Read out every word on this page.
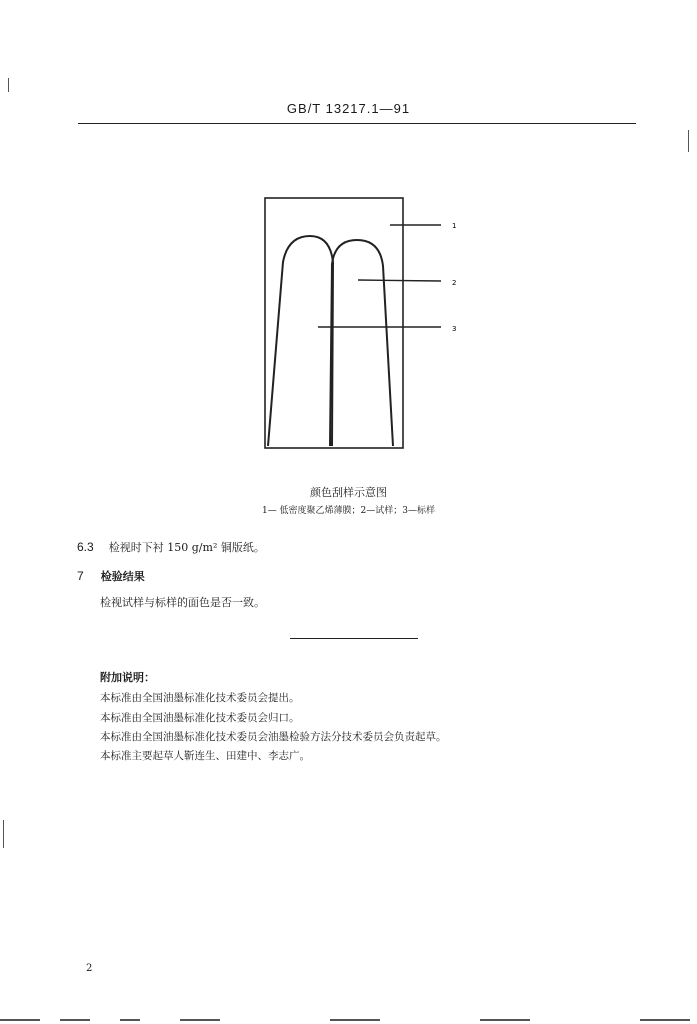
GB/T 13217.1—91
1
2
3
颜色刮样示意图
1— 低密度聚乙烯薄膜；2—试样；3—标样
6.3 检视时下衬 150 g/m² 铜版纸。
7 检验结果
检视试样与标样的面色是否一致。
附加说明：
本标准由全国油墨标准化技术委员会提出。
本标准由全国油墨标准化技术委员会归口。
本标准由全国油墨标准化技术委员会油墨检验方法分技术委员会负责起草。
本标准主要起草人靳连生、田建中、李志广。
2
